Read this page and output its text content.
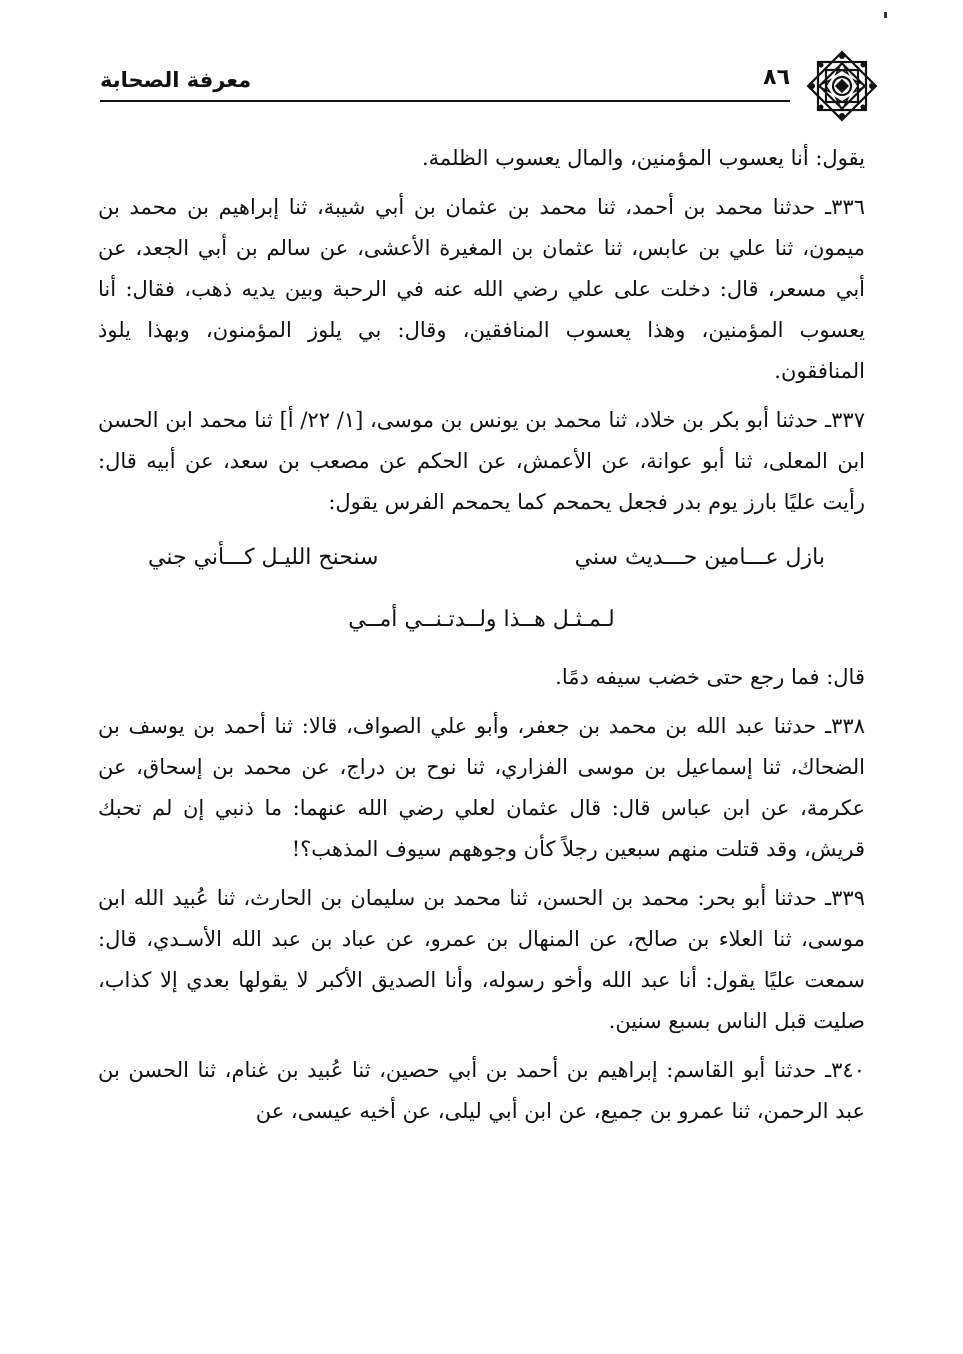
معرفة الصحابة	٨٦

يقول: أنا يعسوب المؤمنين، والمال يعسوب الظلمة.

٣٣٦ـ حدثنا محمد بن أحمد، ثنا محمد بن عثمان بن أبي شيبة، ثنا إبراهيم بن محمد بن ميمون، ثنا علي بن عابس، ثنا عثمان بن المغيرة الأعشى، عن سالم بن أبي الجعد، عن أبي مسعر، قال: دخلت على علي رضي الله عنه في الرحبة وبين يديه ذهب، فقال: أنا يعسوب المؤمنين، وهذا يعسوب المنافقين، وقال: بي يلوز المؤمنون، وبهذا يلوذ المنافقون.

٣٣٧ـ حدثنا أبو بكر بن خلاد، ثنا محمد بن يونس بن موسى، [١/ ٢٢/ أ] ثنا محمد ابن الحسن ابن المعلى، ثنا أبو عوانة، عن الأعمش، عن الحكم عن مصعب بن سعد، عن أبيه قال: رأيت عليًا بارز يوم بدر فجعل يحمحم كما يحمحم الفرس يقول:

بازل عـــامين حـــديث سني
سنحنح الليـل كـــأني جني
لـمـثـل هــذا ولــدتـنــي أمــي

قال: فما رجع حتى خضب سيفه دمًا.

٣٣٨ـ حدثنا عبد الله بن محمد بن جعفر، وأبو علي الصواف، قالا: ثنا أحمد بن يوسف بن الضحاك، ثنا إسماعيل بن موسى الفزاري، ثنا نوح بن دراج، عن محمد بن إسحاق، عن عكرمة، عن ابن عباس قال: قال عثمان لعلي رضي الله عنهما: ما ذنبي إن لم تحبك قريش، وقد قتلت منهم سبعين رجلاً كأن وجوههم سيوف المذهب؟!

٣٣٩ـ حدثنا أبو بحر: محمد بن الحسن، ثنا محمد بن سليمان بن الحارث، ثنا عُبيد الله ابن موسى، ثنا العلاء بن صالح، عن المنهال بن عمرو، عن عباد بن عبد الله الأسـدي، قال: سمعت عليًا يقول: أنا عبد الله وأخو رسوله، وأنا الصديق الأكبر لا يقولها بعدي إلا كذاب، صليت قبل الناس بسبع سنين.

٣٤٠ـ حدثنا أبو القاسم: إبراهيم بن أحمد بن أبي حصين، ثنا عُبيد بن غنام، ثنا الحسن بن عبد الرحمن، ثنا عمرو بن جميع، عن ابن أبي ليلى، عن أخيه عيسى، عن
